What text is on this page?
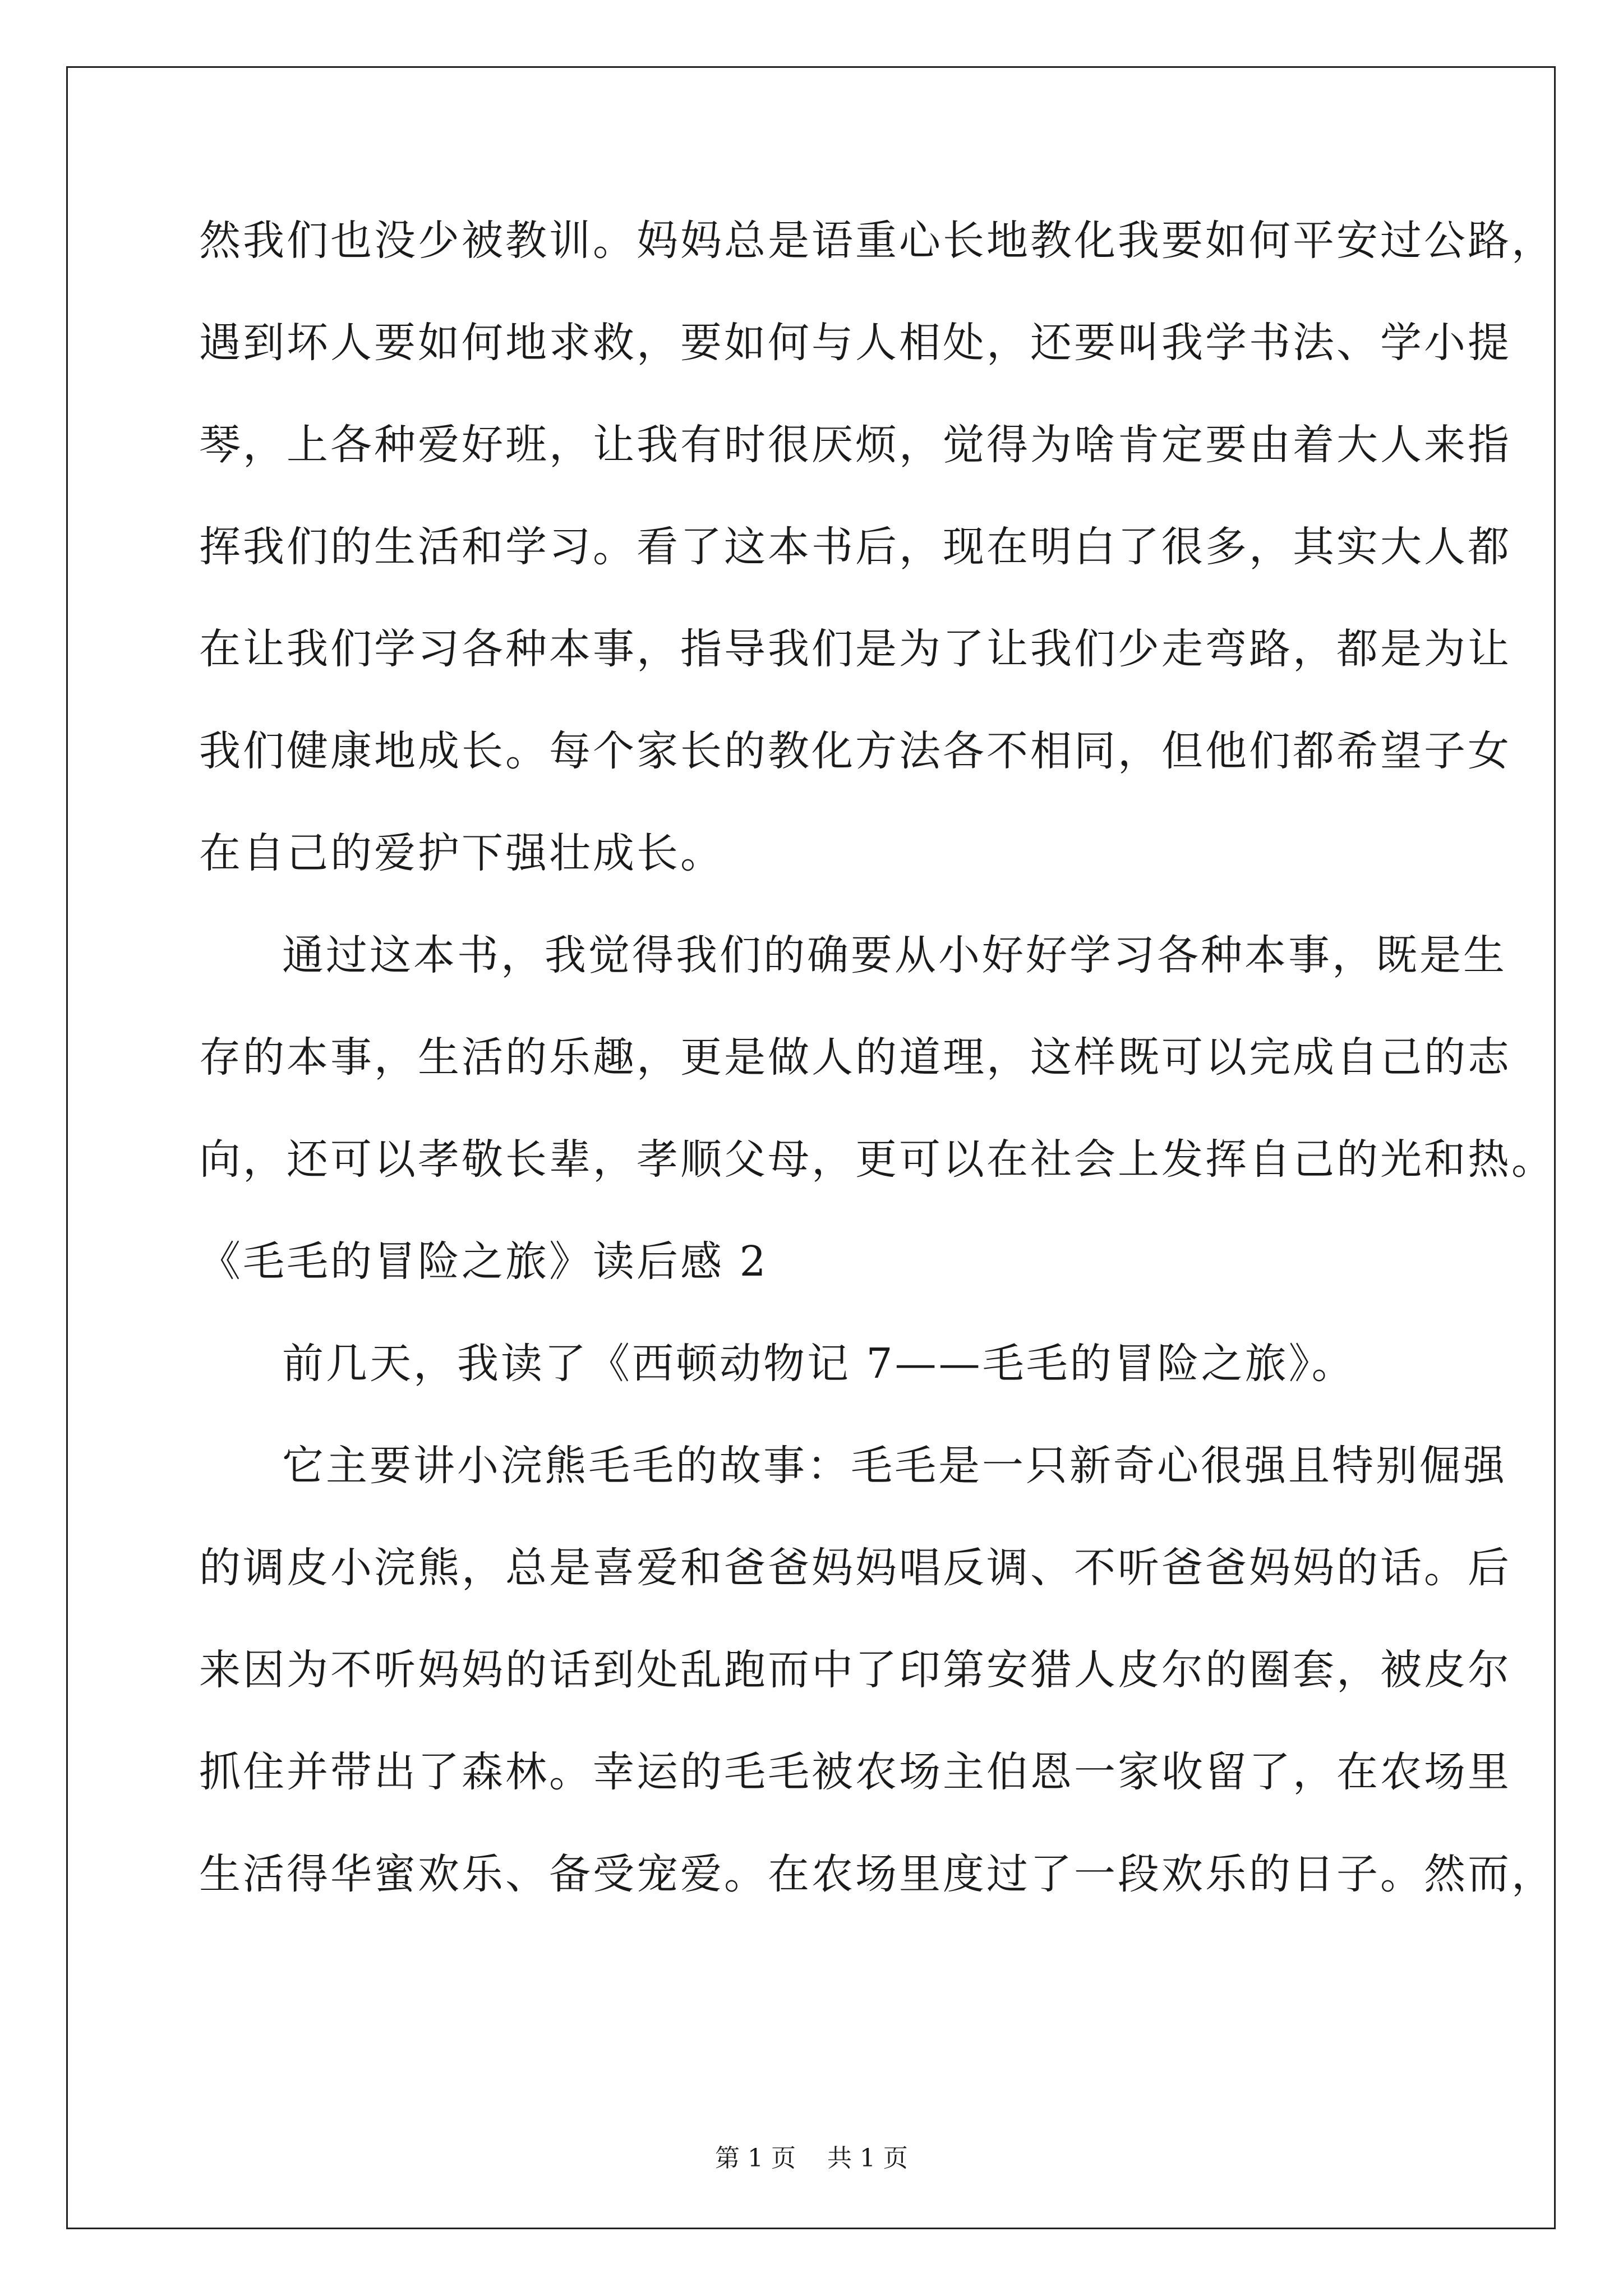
然我们也没少被教训。妈妈总是语重心长地教化我要如何平安过公路，
遇到坏人要如何地求救，要如何与人相处，还要叫我学书法、学小提
琴，上各种爱好班，让我有时很厌烦，觉得为啥肯定要由着大人来指
挥我们的生活和学习。看了这本书后，现在明白了很多，其实大人都
在让我们学习各种本事，指导我们是为了让我们少走弯路，都是为让
我们健康地成长。每个家长的教化方法各不相同，但他们都希望子女
在自己的爱护下强壮成长。
通过这本书，我觉得我们的确要从小好好学习各种本事，既是生
存的本事，生活的乐趣，更是做人的道理，这样既可以完成自己的志
向，还可以孝敬长辈，孝顺父母，更可以在社会上发挥自己的光和热。
《毛毛的冒险之旅》读后感 2
前几天，我读了《西顿动物记 7——毛毛的冒险之旅》。
它主要讲小浣熊毛毛的故事：毛毛是一只新奇心很强且特别倔强
的调皮小浣熊，总是喜爱和爸爸妈妈唱反调、不听爸爸妈妈的话。后
来因为不听妈妈的话到处乱跑而中了印第安猎人皮尔的圈套，被皮尔
抓住并带出了森林。幸运的毛毛被农场主伯恩一家收留了，在农场里
生活得华蜜欢乐、备受宠爱。在农场里度过了一段欢乐的日子。然而，
第 1 页    共 1 页
